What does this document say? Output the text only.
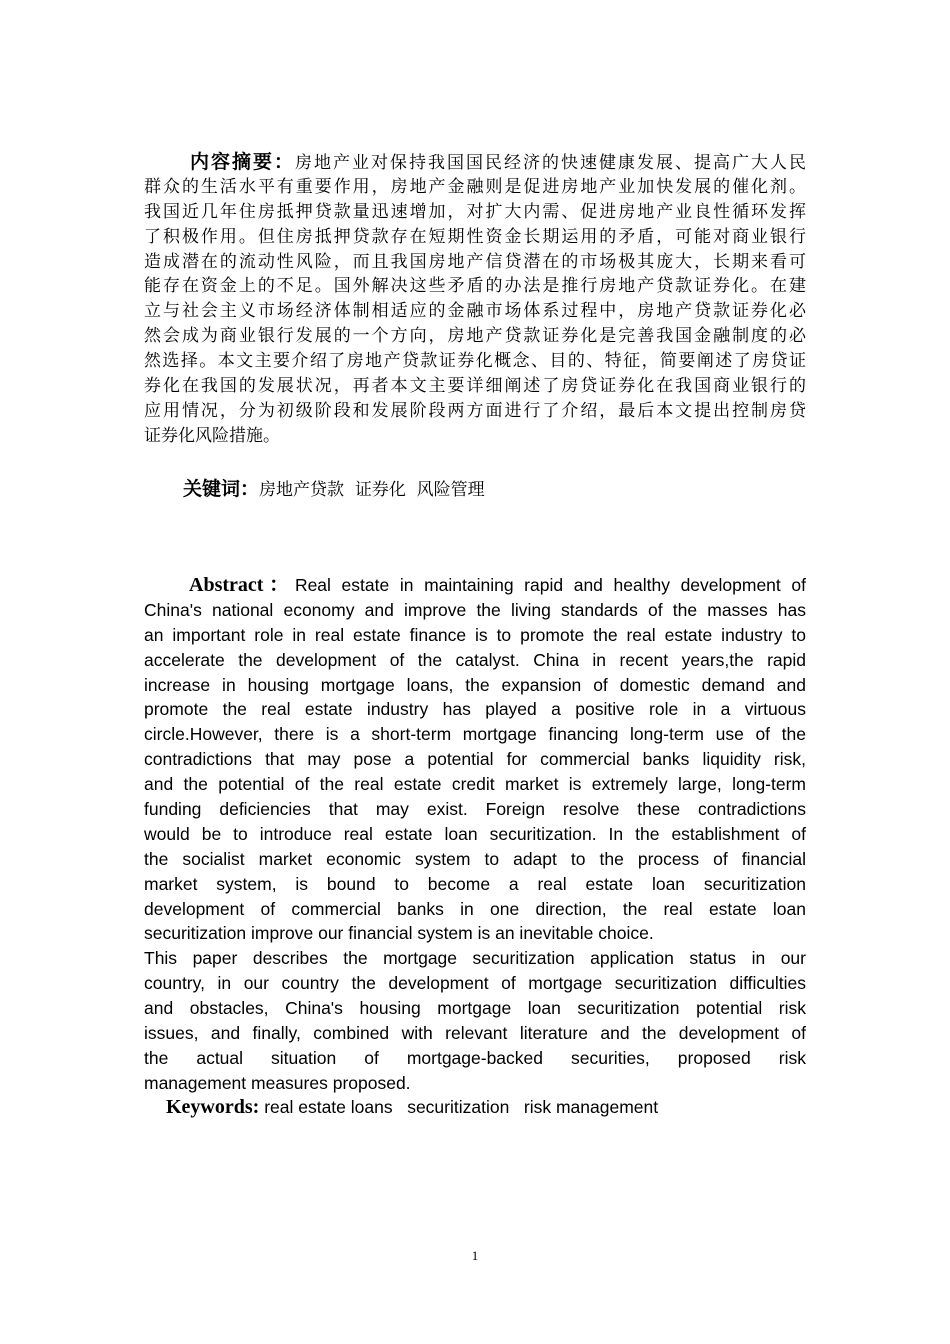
内容摘要：房地产业对保持我国国民经济的快速健康发展、提高广大人民
群众的生活水平有重要作用，房地产金融则是促进房地产业加快发展的催化剂。
我国近几年住房抵押贷款量迅速增加，对扩大内需、促进房地产业良性循环发挥
了积极作用。但住房抵押贷款存在短期性资金长期运用的矛盾，可能对商业银行
造成潜在的流动性风险，而且我国房地产信贷潜在的市场极其庞大，长期来看可
能存在资金上的不足。国外解决这些矛盾的办法是推行房地产贷款证券化。在建
立与社会主义市场经济体制相适应的金融市场体系过程中，房地产贷款证券化必
然会成为商业银行发展的一个方向，房地产贷款证券化是完善我国金融制度的必
然选择。本文主要介绍了房地产贷款证券化概念、目的、特征，简要阐述了房贷证
券化在我国的发展状况，再者本文主要详细阐述了房贷证券化在我国商业银行的
应用情况，分为初级阶段和发展阶段两方面进行了介绍，最后本文提出控制房贷
证券化风险措施。
关键词：房地产贷款  证券化  风险管理
Abstract：Real estate in maintaining rapid and healthy development of
China's national economy and improve the living standards of the masses has
an important role in real estate finance is to promote the real estate industry to
accelerate the development of the catalyst. China in recent years,the rapid
increase in housing mortgage loans, the expansion of domestic demand and
promote the real estate industry has played a positive role in a virtuous
circle.However, there is a short-term mortgage financing long-term use of the
contradictions that may pose a potential for commercial banks liquidity risk,
and the potential of the real estate credit market is extremely large, long-term
funding deficiencies that may exist. Foreign resolve these contradictions
would be to introduce real estate loan securitization. In the establishment of
the socialist market economic system to adapt to the process of financial
market system, is bound to become a real estate loan securitization
development of commercial banks in one direction, the real estate loan
securitization improve our financial system is an inevitable choice.
This paper describes the mortgage securitization application status in our
country, in our country the development of mortgage securitization difficulties
and obstacles, China's housing mortgage loan securitization potential risk
issues, and finally, combined with relevant literature and the development of
the actual situation of mortgage-backed securities, proposed risk
management measures proposed.
Keywords: real estate loans   securitization   risk management
1
